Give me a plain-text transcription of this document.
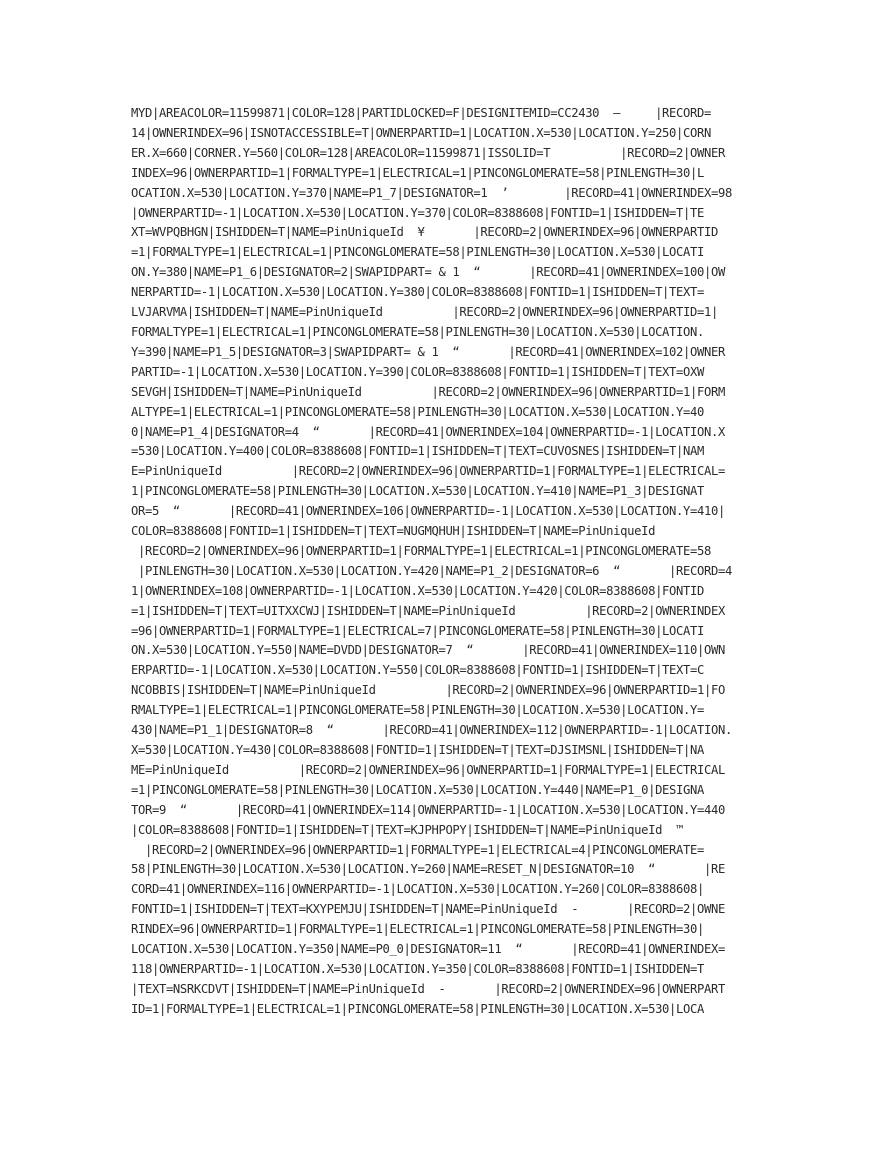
MYD|AREACOLOR=11599871|COLOR=128|PARTIDLOCKED=F|DESIGNITEMID=CC2430  —     |RECORD=
14|OWNERINDEX=96|ISNOTACCESSIBLE=T|OWNERPARTID=1|LOCATION.X=530|LOCATION.Y=250|CORN
ER.X=660|CORNER.Y=560|COLOR=128|AREACOLOR=11599871|ISSOLID=T          |RECORD=2|OWNER
INDEX=96|OWNERPARTID=1|FORMALTYPE=1|ELECTRICAL=1|PINCONGLOMERATE=58|PINLENGTH=30|L
OCATION.X=530|LOCATION.Y=370|NAME=P1_7|DESIGNATOR=1  ’        |RECORD=41|OWNERINDEX=98
|OWNERPARTID=-1|LOCATION.X=530|LOCATION.Y=370|COLOR=8388608|FONTID=1|ISHIDDEN=T|TE
XT=WVPQBHGN|ISHIDDEN=T|NAME=PinUniqueId  ¥       |RECORD=2|OWNERINDEX=96|OWNERPARTID
=1|FORMALTYPE=1|ELECTRICAL=1|PINCONGLOMERATE=58|PINLENGTH=30|LOCATION.X=530|LOCATI
ON.Y=380|NAME=P1_6|DESIGNATOR=2|SWAPIDPART= & 1  “       |RECORD=41|OWNERINDEX=100|OW
NERPARTID=-1|LOCATION.X=530|LOCATION.Y=380|COLOR=8388608|FONTID=1|ISHIDDEN=T|TEXT=
LVJARVMA|ISHIDDEN=T|NAME=PinUniqueId          |RECORD=2|OWNERINDEX=96|OWNERPARTID=1|
FORMALTYPE=1|ELECTRICAL=1|PINCONGLOMERATE=58|PINLENGTH=30|LOCATION.X=530|LOCATION.
Y=390|NAME=P1_5|DESIGNATOR=3|SWAPIDPART= & 1  “       |RECORD=41|OWNERINDEX=102|OWNER
PARTID=-1|LOCATION.X=530|LOCATION.Y=390|COLOR=8388608|FONTID=1|ISHIDDEN=T|TEXT=OXW
SEVGH|ISHIDDEN=T|NAME=PinUniqueId          |RECORD=2|OWNERINDEX=96|OWNERPARTID=1|FORM
ALTYPE=1|ELECTRICAL=1|PINCONGLOMERATE=58|PINLENGTH=30|LOCATION.X=530|LOCATION.Y=40
0|NAME=P1_4|DESIGNATOR=4  “       |RECORD=41|OWNERINDEX=104|OWNERPARTID=-1|LOCATION.X
=530|LOCATION.Y=400|COLOR=8388608|FONTID=1|ISHIDDEN=T|TEXT=CUVOSNES|ISHIDDEN=T|NAM
E=PinUniqueId          |RECORD=2|OWNERINDEX=96|OWNERPARTID=1|FORMALTYPE=1|ELECTRICAL=
1|PINCONGLOMERATE=58|PINLENGTH=30|LOCATION.X=530|LOCATION.Y=410|NAME=P1_3|DESIGNAT
OR=5  “       |RECORD=41|OWNERINDEX=106|OWNERPARTID=-1|LOCATION.X=530|LOCATION.Y=410|
COLOR=8388608|FONTID=1|ISHIDDEN=T|TEXT=NUGMQHUH|ISHIDDEN=T|NAME=PinUniqueId
|RECORD=2|OWNERINDEX=96|OWNERPARTID=1|FORMALTYPE=1|ELECTRICAL=1|PINCONGLOMERATE=58
|PINLENGTH=30|LOCATION.X=530|LOCATION.Y=420|NAME=P1_2|DESIGNATOR=6  “       |RECORD=4
1|OWNERINDEX=108|OWNERPARTID=-1|LOCATION.X=530|LOCATION.Y=420|COLOR=8388608|FONTID
=1|ISHIDDEN=T|TEXT=UITXXCWJ|ISHIDDEN=T|NAME=PinUniqueId          |RECORD=2|OWNERINDEX
=96|OWNERPARTID=1|FORMALTYPE=1|ELECTRICAL=7|PINCONGLOMERATE=58|PINLENGTH=30|LOCATI
ON.X=530|LOCATION.Y=550|NAME=DVDD|DESIGNATOR=7  “       |RECORD=41|OWNERINDEX=110|OWN
ERPARTID=-1|LOCATION.X=530|LOCATION.Y=550|COLOR=8388608|FONTID=1|ISHIDDEN=T|TEXT=C
NCOBBIS|ISHIDDEN=T|NAME=PinUniqueId          |RECORD=2|OWNERINDEX=96|OWNERPARTID=1|FO
RMALTYPE=1|ELECTRICAL=1|PINCONGLOMERATE=58|PINLENGTH=30|LOCATION.X=530|LOCATION.Y=
430|NAME=P1_1|DESIGNATOR=8  “       |RECORD=41|OWNERINDEX=112|OWNERPARTID=-1|LOCATION.
X=530|LOCATION.Y=430|COLOR=8388608|FONTID=1|ISHIDDEN=T|TEXT=DJSIMSNL|ISHIDDEN=T|NA
ME=PinUniqueId          |RECORD=2|OWNERINDEX=96|OWNERPARTID=1|FORMALTYPE=1|ELECTRICAL
=1|PINCONGLOMERATE=58|PINLENGTH=30|LOCATION.X=530|LOCATION.Y=440|NAME=P1_0|DESIGNA
TOR=9  “       |RECORD=41|OWNERINDEX=114|OWNERPARTID=-1|LOCATION.X=530|LOCATION.Y=440
|COLOR=8388608|FONTID=1|ISHIDDEN=T|TEXT=KJPHPOPY|ISHIDDEN=T|NAME=PinUniqueId  ™
|RECORD=2|OWNERINDEX=96|OWNERPARTID=1|FORMALTYPE=1|ELECTRICAL=4|PINCONGLOMERATE=
58|PINLENGTH=30|LOCATION.X=530|LOCATION.Y=260|NAME=RESET_N|DESIGNATOR=10  “       |RE
CORD=41|OWNERINDEX=116|OWNERPARTID=-1|LOCATION.X=530|LOCATION.Y=260|COLOR=8388608|
FONTID=1|ISHIDDEN=T|TEXT=KXYPEMJU|ISHIDDEN=T|NAME=PinUniqueId  -       |RECORD=2|OWNE
RINDEX=96|OWNERPARTID=1|FORMALTYPE=1|ELECTRICAL=1|PINCONGLOMERATE=58|PINLENGTH=30|
LOCATION.X=530|LOCATION.Y=350|NAME=P0_0|DESIGNATOR=11  “       |RECORD=41|OWNERINDEX=
118|OWNERPARTID=-1|LOCATION.X=530|LOCATION.Y=350|COLOR=8388608|FONTID=1|ISHIDDEN=T
|TEXT=NSRKCDVT|ISHIDDEN=T|NAME=PinUniqueId  -       |RECORD=2|OWNERINDEX=96|OWNERPART
ID=1|FORMALTYPE=1|ELECTRICAL=1|PINCONGLOMERATE=58|PINLENGTH=30|LOCATION.X=530|LOCA
